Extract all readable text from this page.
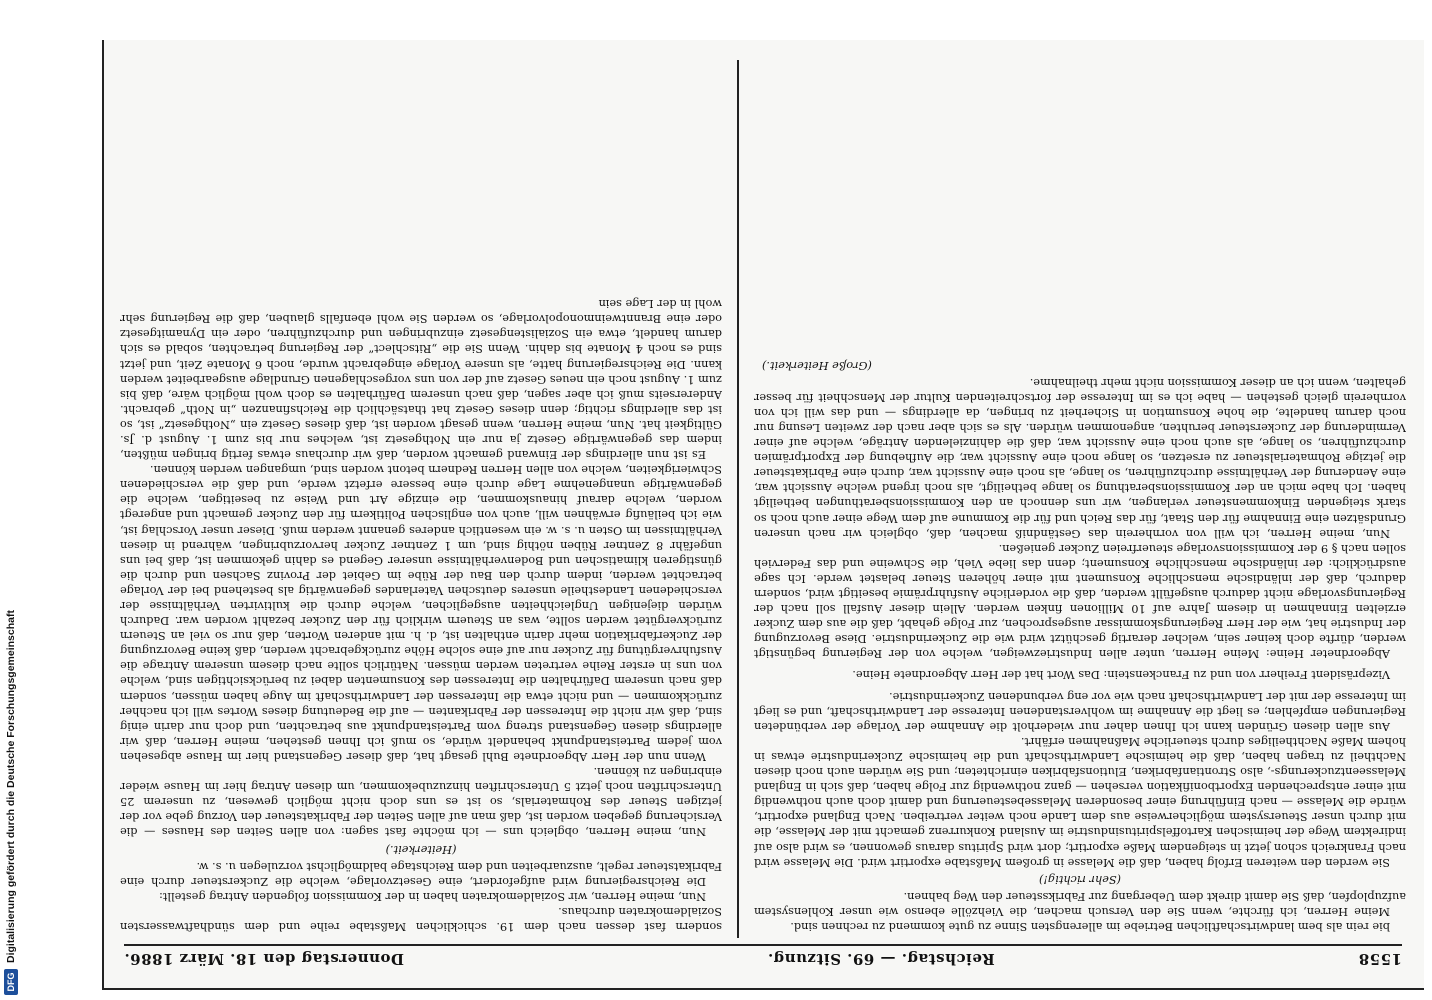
1558
Reichstag. — 69. Sitzung.
Donnerstag den 18. März 1886.

bie rein als bem landwirtschaftlichen Betriebe im allerengsten Sinne zu gute kommend zu rechnen sind.

Meine Herren, ich fürchte, wenn Sie den Versuch machen, die Viehzölle ebenso wie unser Kohlensystem aufzuplopfen, daß Sie damit direkt dem Uebergang zur Fabrikssteuer den Weg bahnen.

(Sehr richtig!)

Sie werden den weiteren Erfolg haben, daß die Melasse in großem Maßstabe exportirt wird. Die Melasse wird nach Frankreich schon jetzt in steigendem Maße exportirt; dort wird Spiritus daraus gewonnen, es wird also auf indirektem Wege der heimischen Kartoffelspiritusindustrie im Ausland Konkurrenz gemacht mit der Melasse, die mit durch unser Steuersystem möglicherweise aus dem Lande noch weiter vertreiben. Nach England exportirt, würde die Melasse — nach Einführung einer besonderen Melassebesteuerung und damit doch auch nothwendig mit einer entsprechenden Exportbonifikation versehen — ganz nothwendig zur Folge haben, daß sich in England Melasseentzuckerungs-, also Strontianfabriken, Elutionsfabriken einrichteten; und Sie würden auch noch diesen Nachtheil zu tragen haben, daß die heimische Landwirthschaft und die heimische Zuckerindustrie etwas in hohem Maße Nachtheiliges durch steuerliche Maßnahmen erfährt.

Aus allen diesen Gründen kann ich Ihnen daher nur wiederholt die Annahme der Vorlage der verbündeten Regierungen empfehlen; es liegt die Annahme im wohlverstandenen Interesse der Landwirthschaft, und es liegt im Interesse der mit der Landwirthschaft nach wie vor eng verbundenen Zuckerindustrie.

Vizepräsident Freiherr von und zu Franckenstein: Das Wort hat der Herr Abgeordnete Heine.

Abgeordneter Heine: Meine Herren, unter allen Industriezweigen, welche von der Regierung begünstigt werden, dürfte doch keiner sein, welcher derartig geschützt wird wie die Zuckerindustrie. Diese Bevorzugung der Industrie hat, wie der Herr Regierungskommissar ausgesprochen, zur Folge gehabt, daß die aus dem Zucker erzielten Einnahmen in diesem Jahre auf 10 Millionen finken werden. Allein dieser Ausfall soll nach der Regierungsvorlage nicht dadurch ausgefüllt werden, daß die vorderliche Ausfuhrprämie beseitigt wird, sondern dadurch, daß der inländische menschliche Konsument mit einer höheren Steuer belastet werde. Ich sage ausdrücklich: der inländische menschliche Konsument; denn das liebe Vieh, die Schweine und das Federvieh sollen nach § 9 der Kommissionsvorlage steuerfreien Zucker genießen.

Nun, meine Herren, ich will von vornherein das Geständniß machen, daß, obgleich wir nach unseren Grundsätzen eine Einnahme für den Staat, für das Reich und für die Kommune auf dem Wege einer auch noch so stark steigenden Einkommensteuer verlangen, wir uns dennoch an den Kommissionsberathungen betheiligt haben. Ich habe mich an der Kommissionsberathung so lange betheiligt, als noch irgend welche Aussicht war, eine Aenderung der Verhältnisse durchzuführen, so lange, als noch eine Aussicht war, durch eine Fabrikatsteuer die jetzige Rohmaterialsteuer zu ersetzen, so lange noch eine Aussicht war, die Aufhebung der Exportprämien durchzuführen, so lange, als auch noch eine Aussicht war, daß die dahinzielenden Anträge, welche auf einer Verminderung der Zuckersteuer beruhten, angenommen würden. Als es sich aber nach der zweiten Lesung nur noch darum handelte, die hohe Konsumtion in Sicherheit zu bringen, da allerdings — und das will ich von vornherein gleich gestehen — habe ich es im Interesse der fortschreitenden Kultur der Menschheit für besser gehalten, wenn ich an dieser Kommission nicht mehr theilnahme.

(Große Heiterkeit.)

sondern fast dessen nach dem 19. schicklichen Maßstabe reihe und dem sündhaftwassersten Sozialdemokraten durchaus.

Nun, meine Herren, wir Sozialdemokraten haben in der Kommission folgenden Antrag gestellt:

Die Reichsregierung wird aufgefordert, eine Gesetzvorlage, welche die Zuckersteuer durch eine Fabrikatsteuer regelt, auszuarbeiten und dem Reichstage baldmöglichst vorzulegen u. s. w.

(Heiterkeit.)

Nun, meine Herren, obgleich uns — ich möchte fast sagen: von allen Seiten des Hauses — die Versicherung gegeben worden ist, daß man auf allen Seiten der Fabrikatsteuer den Vorzug gebe vor der jetzigen Steuer des Rohmaterials, so ist es uns doch nicht möglich gewesen, zu unserem 25 Unterschriften noch jetzt 5 Unterschriften hinzuzubekommen, um diesen Antrag hier im Hause wieder einbringen zu können.

Wenn nun der Herr Abgeordnete Buhl gesagt hat, daß dieser Gegenstand hier im Hause abgesehen vom jedem Parteistandpunkt behandelt würde, so muß ich Ihnen gestehen, meine Herren, daß wir allerdings diesen Gegenstand streng vom Parteistandpunkt aus betrachten, und doch nur darin einig sind, daß wir nicht die Interessen der Fabrikanten — auf die Bedeutung dieses Wortes will ich nachher zurückkommen — und nicht etwa die Interessen der Landwirthschaft im Auge haben müssen, sondern daß nach unserem Dafürhalten die Interessen des Konsumenten dabei zu berücksichtigen sind, welche von uns in erster Reihe vertreten werden müssen. Natürlich sollte nach diesem unserem Antrage die Ausfuhrvergütung für Zucker nur auf eine solche Höhe zurückgebracht werden, daß keine Bevorzugung der Zuckerfabrikation mehr darin enthalten ist, d. h. mit anderen Worten, daß nur so viel an Steuern zurückvergütet werden sollte, was an Steuern wirklich für den Zucker bezahlt worden war. Dadurch würden diejenigen Ungleichheiten ausgeglichen, welche durch die kultivirten Verhältnisse der verschiedenen Landestheile unseres deutschen Vaterlandes gegenwärtig als bestehend bei der Vorlage betrachtet werden, indem durch den Bau der Rübe im Gebiet der Provinz Sachsen und durch die günstigeren klimatischen und Bodenverhältnisse unserer Gegend es dahin gekommen ist, daß bei uns ungefähr 8 Zentner Rüben nöthig sind, um 1 Zentner Zucker hervorzubringen, während in diesen Verhältnissen im Osten u. s. w. ein wesentlich anderes genannt werden muß. Dieser unser Vorschlag ist, wie ich beiläufig erwähnen will, auch von englischen Politikern für den Zucker gemacht und angeregt worden, welche darauf hinauskommen, die einzige Art und Weise zu beseitigen, welche die gegenwärtige unangenehme Lage durch eine bessere erfetzt werde, und daß die verschiedenen Schwierigkeiten, welche von allen Herren Rednern betont worden sind, umgangen werden können.

Es ist nun allerdings der Einwand gemacht worden, daß wir durchaus etwas fertig bringen müßten, indem das gegenwärtige Gesetz ja nur ein Nothgesetz ist, welches nur bis zum 1. August d. Js. Gültigkeit hat. Nun, meine Herren, wenn gesagt worden ist, daß dieses Gesetz ein „Nothgesetz“ ist, so ist das allerdings richtig; denn dieses Gesetz hat thatsächlich die Reichsfinanzen „in Noth“ gebracht. Andererseits muß ich aber sagen, daß nach unserem Dafürhalten es doch wohl möglich wäre, daß bis zum 1. August noch ein neues Gesetz auf der von uns vorgeschlagenen Grundlage ausgearbeitet werden kann. Die Reichsregierung hatte, als unsere Vorlage eingebracht wurde, noch 6 Monate Zeit, und jetzt sind es noch 4 Monate bis dahin. Wenn Sie die „Ritschlect“ der Regierung betrachten, sobald es sich darum handelt, etwa ein Sozialistengesetz einzubringen und durchzuführen, oder ein Dynamitgesetz oder eine Branntweinmonopolvorlage, so werden Sie wohl ebenfalls glauben, daß die Regierung sehr wohl in der Lage sein

DFG
Digitalisierung gefördert durch die Deutsche Forschungsgemeinschaft
